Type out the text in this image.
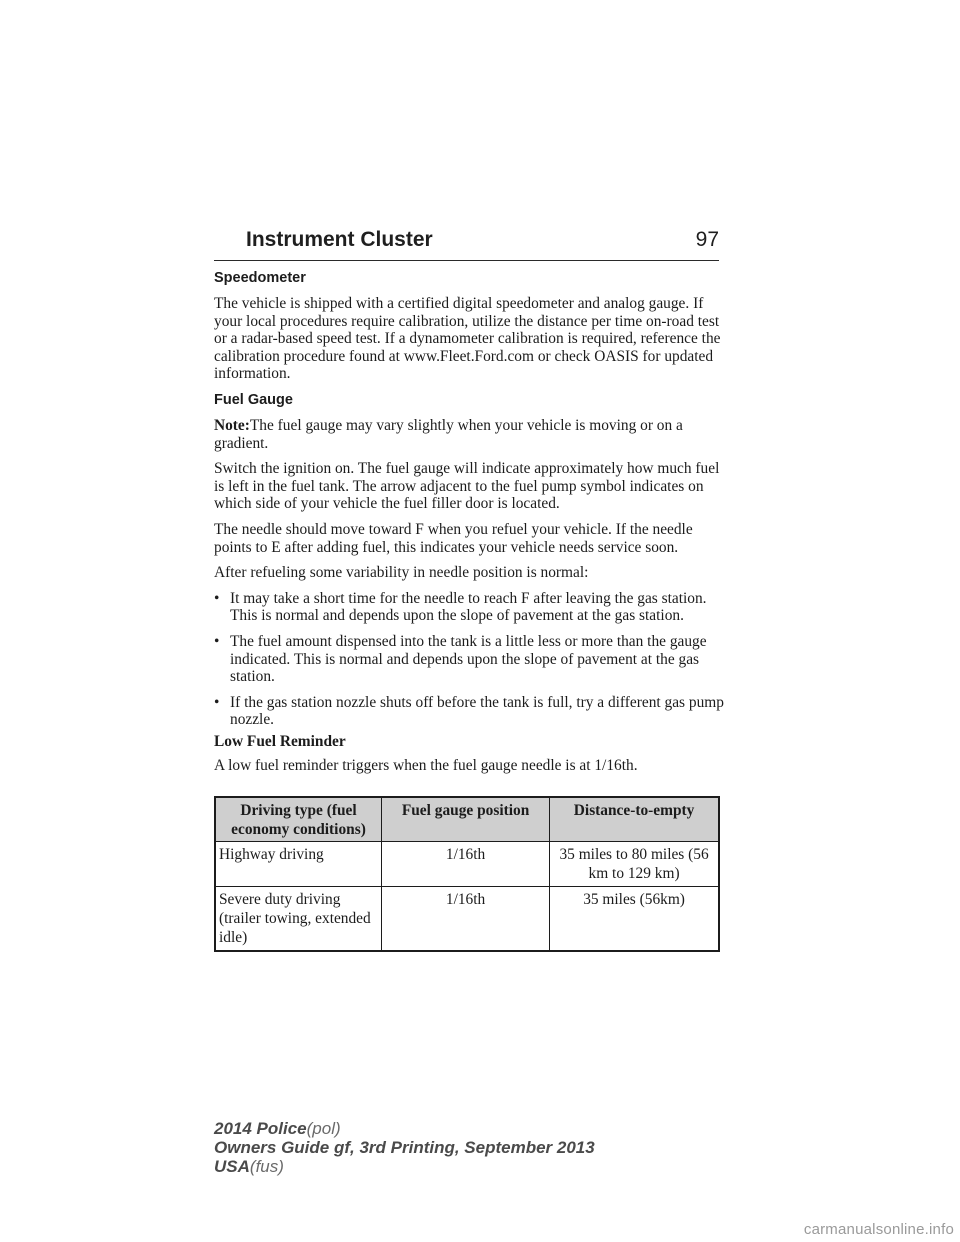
Instrument Cluster	97
Speedometer

The vehicle is shipped with a certified digital speedometer and analog gauge. If your local procedures require calibration, utilize the distance per time on-road test or a radar-based speed test. If a dynamometer calibration is required, reference the calibration procedure found at www.Fleet.Ford.com or check OASIS for updated information.

Fuel Gauge

Note:The fuel gauge may vary slightly when your vehicle is moving or on a gradient.

Switch the ignition on. The fuel gauge will indicate approximately how much fuel is left in the fuel tank. The arrow adjacent to the fuel pump symbol indicates on which side of your vehicle the fuel filler door is located.

The needle should move toward F when you refuel your vehicle. If the needle points to E after adding fuel, this indicates your vehicle needs service soon.

After refueling some variability in needle position is normal:

• It may take a short time for the needle to reach F after leaving the gas station. This is normal and depends upon the slope of pavement at the gas station.
• The fuel amount dispensed into the tank is a little less or more than the gauge indicated. This is normal and depends upon the slope of pavement at the gas station.
• If the gas station nozzle shuts off before the tank is full, try a different gas pump nozzle.
Low Fuel Reminder

A low fuel reminder triggers when the fuel gauge needle is at 1/16th.

Driving type (fuel economy conditions)	Fuel gauge position	Distance-to-empty
Highway driving	1/16th	35 miles to 80 miles (56 km to 129 km)
Severe duty driving (trailer towing, extended idle)	1/16th	35 miles (56km)
2014 Police(pol)
Owners Guide gf, 3rd Printing, September 2013
USA(fus)
carmanualsonline.info
